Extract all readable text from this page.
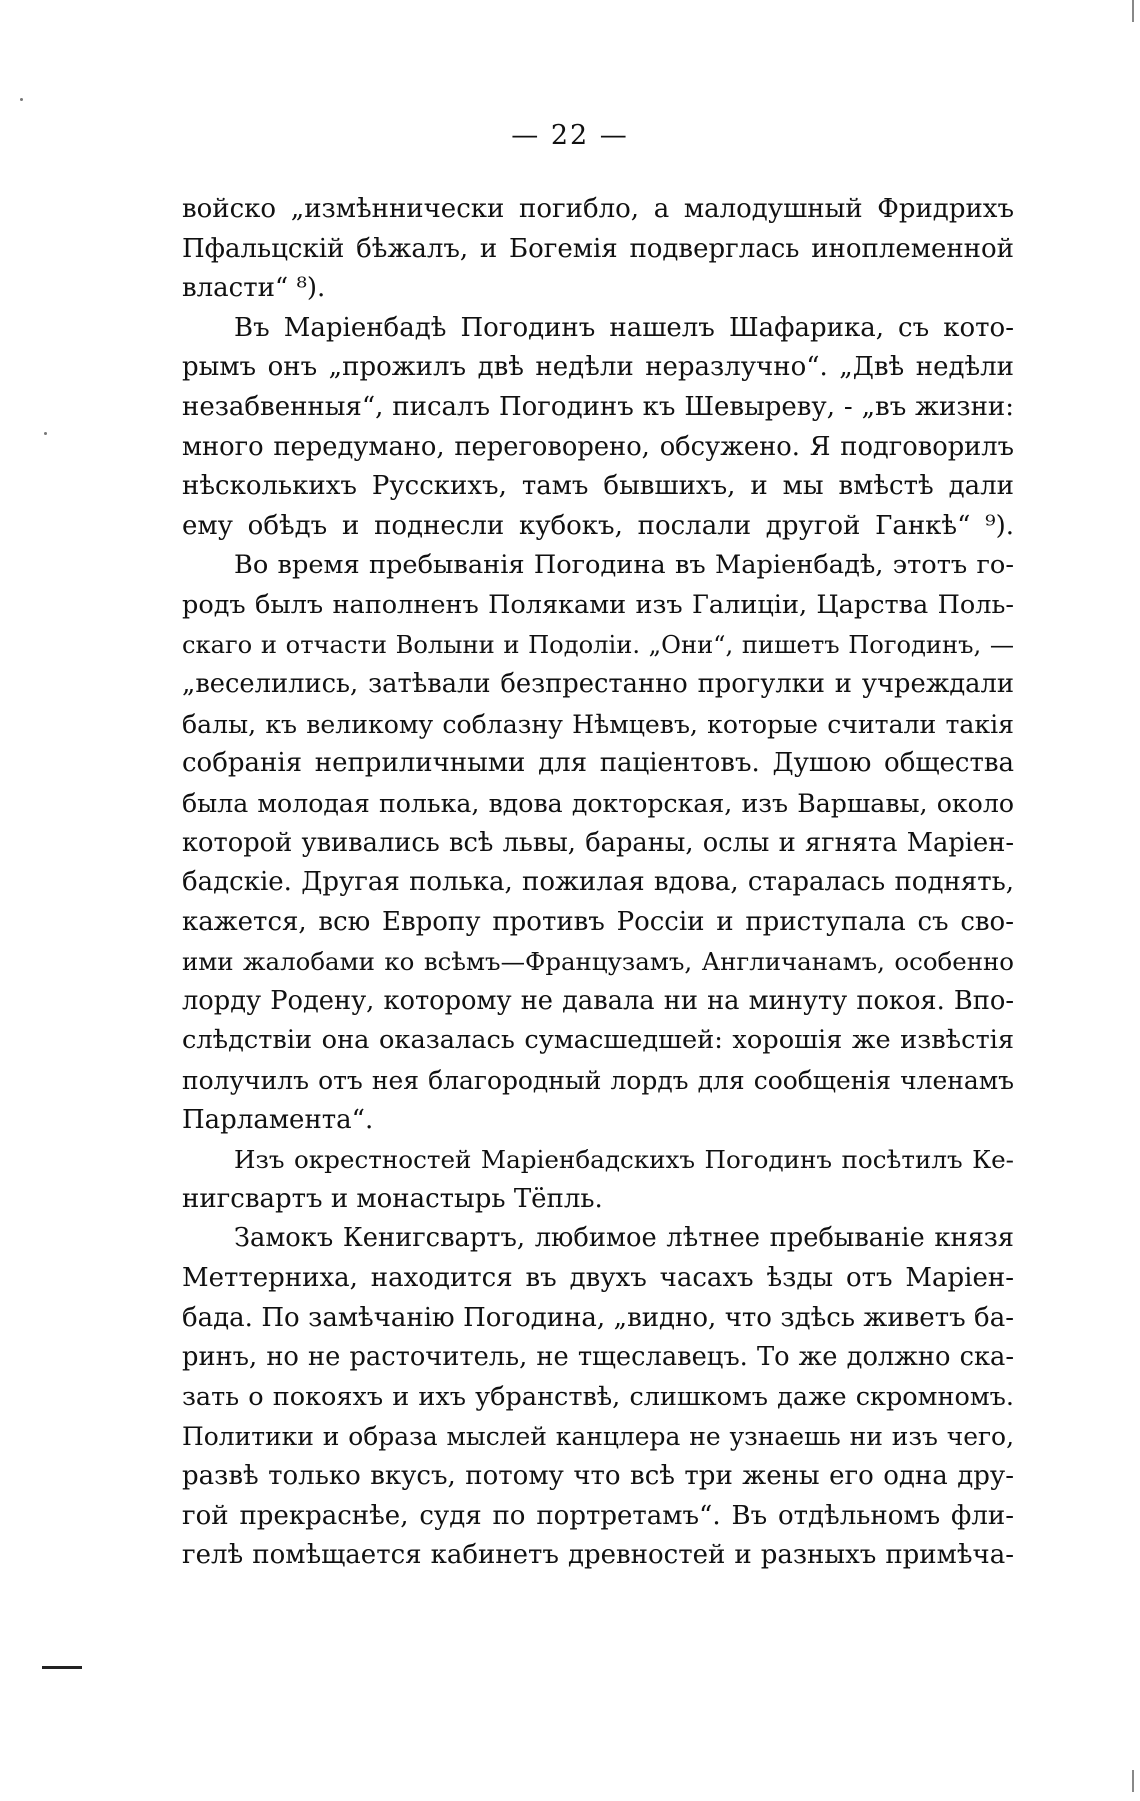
— 22 —
войско „измѣннически погибло, а малодушный Фридрихъ
Пфальцскій бѣжалъ, и Богемія подверглась иноплеменной
власти“ ⁸).
Въ Маріенбадѣ Погодинъ нашелъ Шафарика, съ кото-
рымъ онъ „прожилъ двѣ недѣли неразлучно“. „Двѣ недѣли
незабвенныя“, писалъ Погодинъ къ Шевыреву, - „въ жизни:
много передумано, переговорено, обсужено. Я подговорилъ
нѣсколькихъ Русскихъ, тамъ бывшихъ, и мы вмѣстѣ дали
ему обѣдъ и поднесли кубокъ, послали другой Ганкѣ“ ⁹).
Во время пребыванія Погодина въ Маріенбадѣ, этотъ го-
родъ былъ наполненъ Поляками изъ Галиціи, Царства Поль-
скаго и отчасти Волыни и Подоліи. „Они“, пишетъ Погодинъ, —
„веселились, затѣвали безпрестанно прогулки и учреждали
балы, къ великому соблазну Нѣмцевъ, которые считали такія
собранія неприличными для паціентовъ. Душою общества
была молодая полька, вдова докторская, изъ Варшавы, около
которой увивались всѣ львы, бараны, ослы и ягнята Маріен-
бадскіе. Другая полька, пожилая вдова, старалась поднять,
кажется, всю Европу противъ Россіи и приступала съ сво-
ими жалобами ко всѣмъ—Французамъ, Англичанамъ, особенно
лорду Родену, которому не давала ни на минуту покоя. Впо-
слѣдствіи она оказалась сумасшедшей: хорошія же извѣстія
получилъ отъ нея благородный лордъ для сообщенія членамъ
Парламента“.
Изъ окрестностей Маріенбадскихъ Погодинъ посѣтилъ Ке-
нигсвартъ и монастырь Тёпль.
Замокъ Кенигсвартъ, любимое лѣтнее пребываніе князя
Меттерниха, находится въ двухъ часахъ ѣзды отъ Маріен-
бада. По замѣчанію Погодина, „видно, что здѣсь живетъ ба-
ринъ, но не расточитель, не тщеславецъ. То же должно ска-
зать о покояхъ и ихъ убранствѣ, слишкомъ даже скромномъ.
Политики и образа мыслей канцлера не узнаешь ни изъ чего,
развѣ только вкусъ, потому что всѣ три жены его одна дру-
гой прекраснѣе, судя по портретамъ“. Въ отдѣльномъ фли-
гелѣ помѣщается кабинетъ древностей и разныхъ примѣча-
